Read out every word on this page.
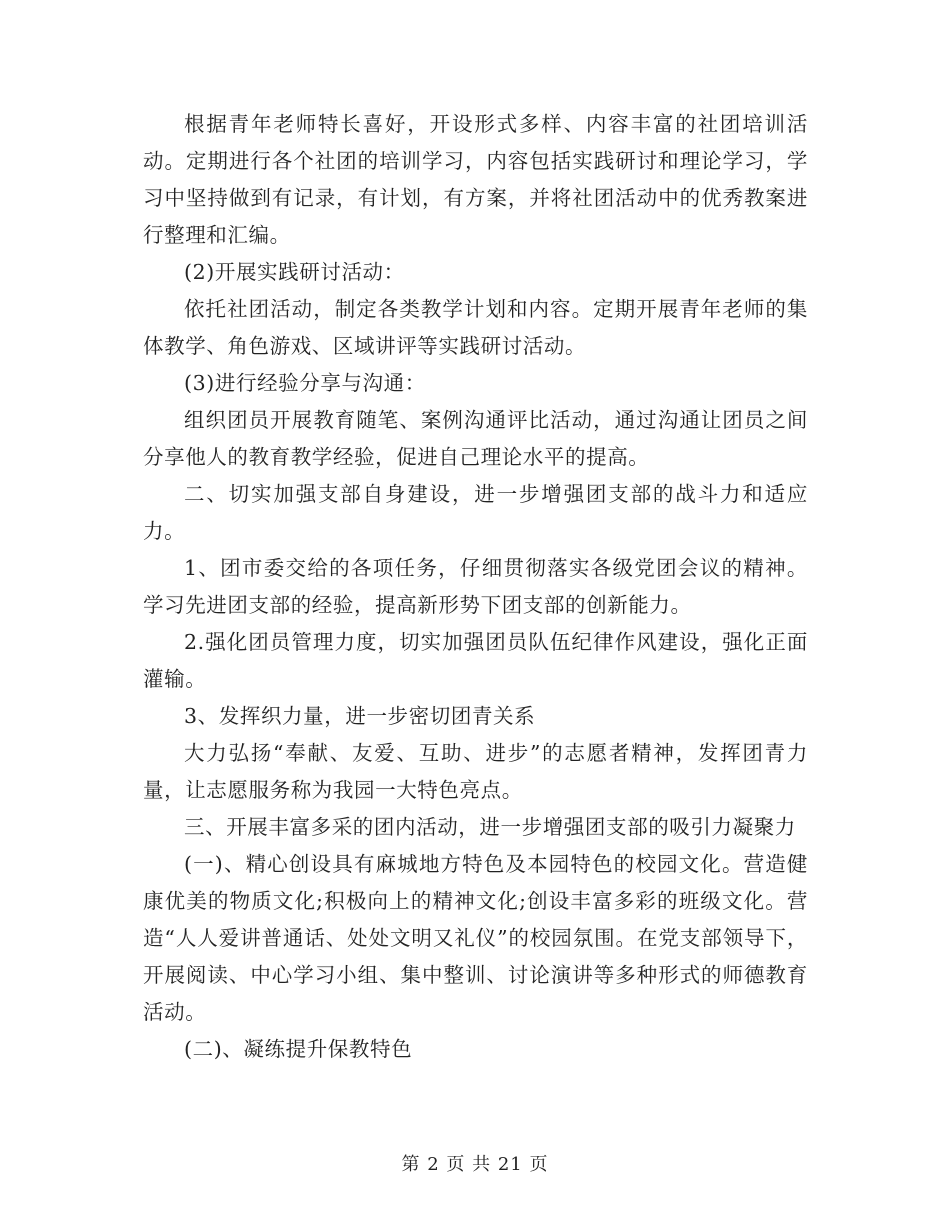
根据青年老师特长喜好，开设形式多样、内容丰富的社团培训活动。定期进行各个社团的培训学习，内容包括实践研讨和理论学习，学习中坚持做到有记录，有计划，有方案，并将社团活动中的优秀教案进行整理和汇编。

(2)开展实践研讨活动：

依托社团活动，制定各类教学计划和内容。定期开展青年老师的集体教学、角色游戏、区域讲评等实践研讨活动。

(3)进行经验分享与沟通：

组织团员开展教育随笔、案例沟通评比活动，通过沟通让团员之间分享他人的教育教学经验，促进自己理论水平的提高。

二、切实加强支部自身建设，进一步增强团支部的战斗力和适应力。

1、团市委交给的各项任务，仔细贯彻落实各级党团会议的精神。学习先进团支部的经验，提高新形势下团支部的创新能力。

2.强化团员管理力度，切实加强团员队伍纪律作风建设，强化正面灌输。

3、发挥织力量，进一步密切团青关系

大力弘扬“奉献、友爱、互助、进步”的志愿者精神，发挥团青力量，让志愿服务称为我园一大特色亮点。

三、开展丰富多采的团内活动，进一步增强团支部的吸引力凝聚力

(一)、精心创设具有麻城地方特色及本园特色的校园文化。营造健康优美的物质文化;积极向上的精神文化;创设丰富多彩的班级文化。营造“人人爱讲普通话、处处文明又礼仪”的校园氛围。在党支部领导下，开展阅读、中心学习小组、集中整训、讨论演讲等多种形式的师德教育活动。

(二)、凝练提升保教特色

第 2 页 共 21 页
